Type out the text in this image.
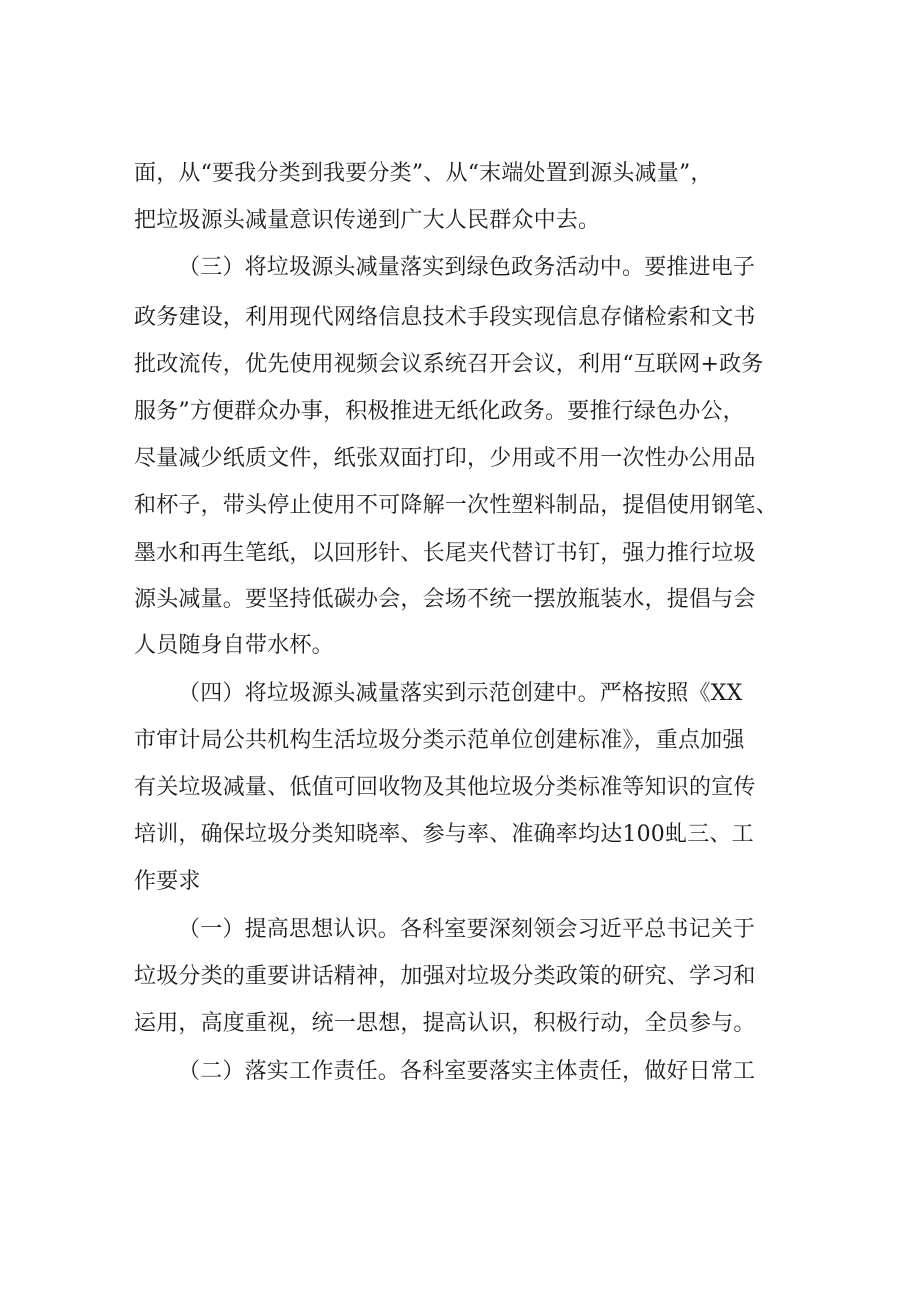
面，从“要我分类到我要分类”、从“末端处置到源头减量”，
把垃圾源头减量意识传递到广大人民群众中去。
（三）将垃圾源头减量落实到绿色政务活动中。要推进电子
政务建设，利用现代网络信息技术手段实现信息存储检索和文书
批改流传，优先使用视频会议系统召开会议，利用“互联网+政务
服务”方便群众办事，积极推进无纸化政务。要推行绿色办公，
尽量减少纸质文件，纸张双面打印，少用或不用一次性办公用品
和杯子，带头停止使用不可降解一次性塑料制品，提倡使用钢笔、
墨水和再生笔纸，以回形针、长尾夹代替订书钉，强力推行垃圾
源头减量。要坚持低碳办会，会场不统一摆放瓶装水，提倡与会
人员随身自带水杯。
（四）将垃圾源头减量落实到示范创建中。严格按照《XX
市审计局公共机构生活垃圾分类示范单位创建标准》，重点加强
有关垃圾减量、低值可回收物及其他垃圾分类标准等知识的宣传
培训，确保垃圾分类知晓率、参与率、准确率均达100虬三、工
作要求
（一）提高思想认识。各科室要深刻领会习近平总书记关于
垃圾分类的重要讲话精神，加强对垃圾分类政策的研究、学习和
运用，高度重视，统一思想，提高认识，积极行动，全员参与。
（二）落实工作责任。各科室要落实主体责任，做好日常工
